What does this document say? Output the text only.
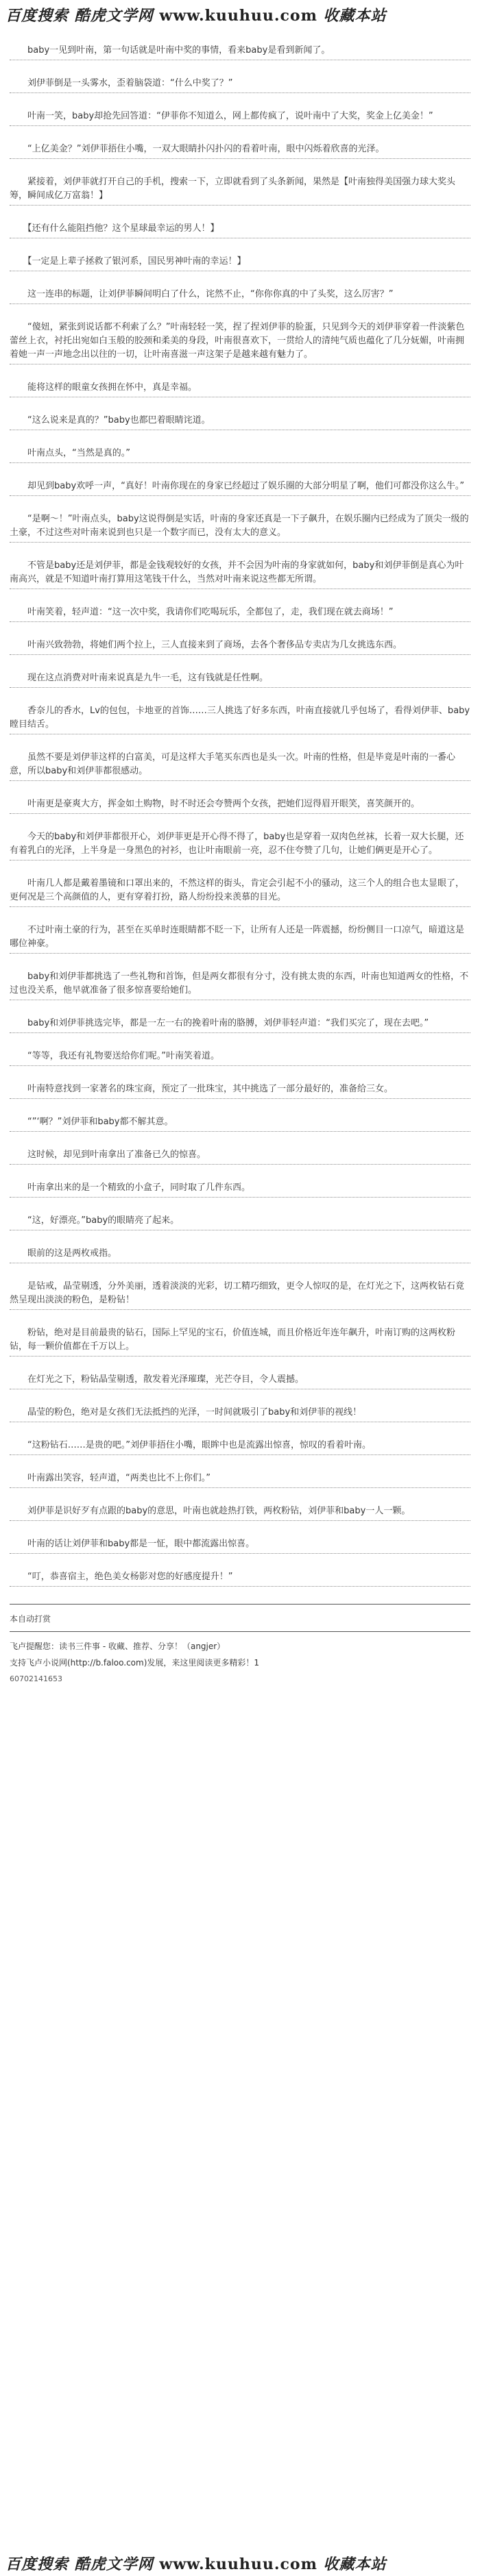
百度搜索 酷虎文学网 www.kuuhuu.com 收藏本站
　　baby一见到叶南，第一句话就是叶南中奖的事情，看来baby是看到新闻了。
　　刘伊菲倒是一头雾水，歪着脑袋道：“什么中奖了？”
　　叶南一笑，baby却抢先回答道：“伊菲你不知道么，网上都传疯了，说叶南中了大奖，奖金上亿美金！”
　　“上亿美金？”刘伊菲捂住小嘴，一双大眼睛扑闪扑闪的看着叶南，眼中闪烁着欣喜的光泽。
　　紧接着，刘伊菲就打开自己的手机，搜索一下，立即就看到了头条新闻，果然是【叶南独得美国强力球大奖头筹，瞬间成亿万富翁！】
　　【还有什么能阻挡他？这个星球最幸运的男人！】
　　【一定是上辈子拯救了银河系，国民男神叶南的幸运！】
　　这一连串的标题，让刘伊菲瞬间明白了什么，诧然不止，“你你你真的中了头奖，这么厉害？”
　　“傻妞，紧张到说话都不利索了么？”叶南轻轻一笑，捏了捏刘伊菲的脸蛋，只见到今天的刘伊菲穿着一件淡紫色蕾丝上衣，衬托出宛如白玉般的胶颈和柔美的身段，叶南很喜欢下，一贯给人的清纯气质也蕴化了几分妩媚，叶南拥着她一声一声地念出以往的一切，让叶南喜滋一声这架子是越来越有魅力了。
　　能将这样的眼童女孩拥在怀中，真是幸福。
　　“这么说来是真的？”baby也都巴着眼睛诧道。
　　叶南点头，“当然是真的。”
　　却见到baby欢呼一声，“真好！叶南你现在的身家已经超过了娱乐圈的大部分明星了啊，他们可都没你这么牛。”
　　“是啊～！”叶南点头，baby这说得倒是实话，叶南的身家还真是一下子飙升，在娱乐圈内已经成为了顶尖一级的土豪，不过这些对叶南来说到也只是一个数字而已，没有太大的意义。
　　不管是baby还是刘伊菲，都是金钱观较好的女孩，并不会因为叶南的身家就如何，baby和刘伊菲倒是真心为叶南高兴，就是不知道叶南打算用这笔钱干什么，当然对叶南来说这些都无所谓。
　　叶南笑着，轻声道：“这一次中奖，我请你们吃喝玩乐，全都包了，走，我们现在就去商场！”
　　叶南兴致勃勃，将她们两个拉上，三人直接来到了商场，去各个奢侈品专卖店为几女挑选东西。
　　现在这点消费对叶南来说真是九牛一毛，这有钱就是任性啊。
　　香奈儿的香水，Lv的包包，卡地亚的首饰……三人挑选了好多东西，叶南直接就几乎包场了，看得刘伊菲、baby瞠目结舌。
　　虽然不要是刘伊菲这样的白富美，可是这样大手笔买东西也是头一次。叶南的性格，但是毕竟是叶南的一番心意，所以baby和刘伊菲都很感动。
　　叶南更是豪爽大方，挥金如土购物，时不时还会夸赞两个女孩，把她们逗得眉开眼笑，喜笑颜开的。
　　今天的baby和刘伊菲都很开心，刘伊菲更是开心得不得了，baby也是穿着一双肉色丝袜，长着一双大长腿，还有着乳白的光泽，上半身是一身黑色的衬衫，也让叶南眼前一亮，忍不住夸赞了几句，让她们俩更是开心了。
　　叶南几人都是戴着墨镜和口罩出来的，不然这样的街头，肯定会引起不小的骚动，这三个人的组合也太显眼了，更何况是三个高颜值的人，更有穿着打扮，路人纷纷投来羡慕的目光。
　　不过叶南土豪的行为，甚至在买单时连眼睛都不眨一下，让所有人还是一阵震撼，纷纷侧目一口凉气，暗道这是哪位神豪。
　　baby和刘伊菲都挑选了一些礼物和首饰，但是两女都很有分寸，没有挑太贵的东西，叶南也知道两女的性格，不过也没关系，他早就准备了很多惊喜要给她们。
　　baby和刘伊菲挑选完毕，都是一左一右的挽着叶南的胳膊，刘伊菲轻声道：“我们买完了，现在去吧。”
　　“等等，我还有礼物要送给你们呢。”叶南笑着道。
　　叶南特意找到一家著名的珠宝商，预定了一批珠宝，其中挑选了一部分最好的，准备给三女。
　　“”‘啊？”刘伊菲和baby都不解其意。
　　这时候，却见到叶南拿出了准备已久的惊喜。
　　叶南拿出来的是一个精致的小盒子，同时取了几件东西。
　　“这，好漂亮。”baby的眼睛亮了起来。
　　眼前的这是两枚戒指。
　　是钻戒，晶莹剔透，分外美丽，透着淡淡的光彩，切工精巧细致，更令人惊叹的是，在灯光之下，这两枚钻石竟然呈现出淡淡的粉色，是粉钻！
　　粉钻，绝对是目前最贵的钻石，国际上罕见的宝石，价值连城，而且价格近年连年飙升，叶南订购的这两枚粉钻，每一颗价值都在千万以上。
　　在灯光之下，粉钻晶莹剔透，散发着光泽璀璨，光芒夺目，令人震撼。
　　晶莹的粉色，绝对是女孩们无法抵挡的光泽，一时间就吸引了baby和刘伊菲的视线！
　　“这粉钻石……是贵的吧。”刘伊菲捂住小嘴，眼眸中也是流露出惊喜，惊叹的看着叶南。
　　叶南露出笑容，轻声道，“两类也比不上你们。”
　　刘伊菲是识好歹有点跟的baby的意思，叶南也就趁热打铁，两枚粉钻，刘伊菲和baby一人一颗。
　　叶南的话让刘伊菲和baby都是一怔，眼中都流露出惊喜。
　　“叮，恭喜宿主，绝色美女杨影对您的好感度提升！”
本自动打赏
飞卢提醒您：读书三件事 - 收藏、推荐、分享！（angjer）
支持飞卢小说网(http://b.faloo.com)发展，来这里阅读更多精彩！1
60702141653
百度搜索 酷虎文学网 www.kuuhuu.com 收藏本站
